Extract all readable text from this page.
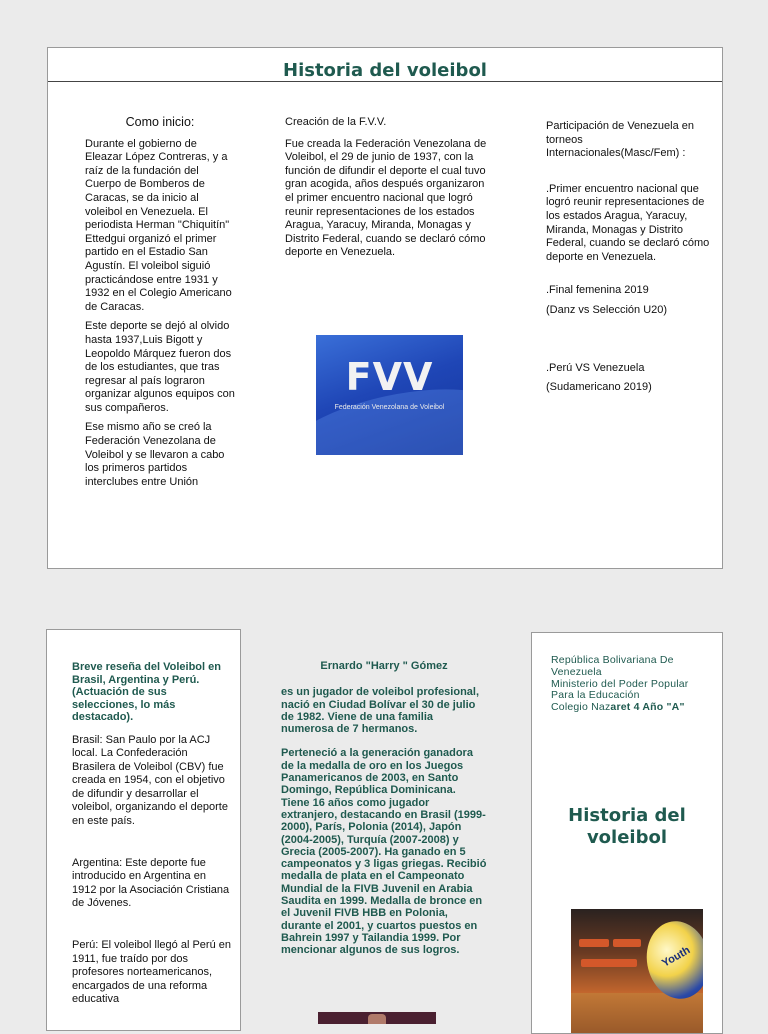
Historia del voleibol

Como inicio:

Durante el gobierno de Eleazar López Contreras, y a raíz de la fundación del Cuerpo de Bomberos de Caracas, se da inicio al voleibol en Venezuela. El periodista Herman "Chiquitín" Ettedgui organizó el primer partido en el Estadio San Agustín. El voleibol siguió practicándose entre 1931 y 1932 en el Colegio Americano de Caracas.

Este deporte se dejó al olvido hasta 1937,Luis Bigott y Leopoldo Márquez fueron dos de los estudiantes, que tras regresar al país lograron organizar algunos equipos con sus compañeros.

Ese mismo año se creó la Federación Venezolana de Voleibol y se llevaron a cabo los primeros partidos interclubes entre Unión

Creación de la F.V.V.

Fue creada la Federación Venezolana de Voleibol, el 29 de junio de 1937, con la función de difundir el deporte el cual tuvo gran acogida, años después organizaron el primer encuentro nacional que logró reunir representaciones de los estados Aragua, Yaracuy, Miranda, Monagas y Distrito Federal, cuando se declaró cómo deporte en Venezuela.

Participación de Venezuela en torneos Internacionales(Masc/Fem) :

.Primer encuentro nacional que logró reunir representaciones de los estados Aragua, Yaracuy, Miranda, Monagas y Distrito Federal, cuando se declaró cómo deporte en Venezuela.

.Final femenina 2019

(Danz vs Selección U20)

.Perú VS Venezuela

(Sudamericano 2019)

FVV
Federación Venezolana de Voleibol

Breve reseña del Voleibol en Brasil, Argentina y Perú. (Actuación de sus selecciones, lo más destacado).

Brasil: San Paulo por la ACJ local. La Confederación Brasilera de Voleibol (CBV) fue creada en 1954, con el objetivo de difundir y desarrollar el voleibol, organizando el deporte en este país.

Argentina: Este deporte fue introducido en Argentina en 1912 por la Asociación Cristiana de Jóvenes.

Perú: El voleibol llegó al Perú en 1911, fue traído por dos profesores norteamericanos, encargados de una reforma educativa

Ernardo "Harry " Gómez

es un jugador de voleibol profesional, nació en Ciudad Bolívar el 30 de julio de 1982. Viene de una familia numerosa de 7 hermanos.

Perteneció a la generación ganadora de la medalla de oro en los Juegos Panamericanos de 2003, en Santo Domingo, República Dominicana. Tiene 16 años como jugador extranjero, destacando en Brasil (1999-2000), París, Polonia (2014), Japón (2004-2005), Turquía (2007-2008) y Grecia (2005-2007). Ha ganado en 5 campeonatos y 3 ligas griegas. Recibió medalla de plata en el Campeonato Mundial de la FIVB Juvenil en Arabia Saudita en 1999. Medalla de bronce en el Juvenil FIVB HBB en Polonia, durante el 2001, y cuartos puestos en Bahrein 1997 y Tailandia 1999. Por mencionar algunos de sus logros.

República Bolivariana De Venezuela
Ministerio del Poder Popular Para la Educación
Colegio Nazaret 4 Año "A"
Historia del voleibol
Youth
